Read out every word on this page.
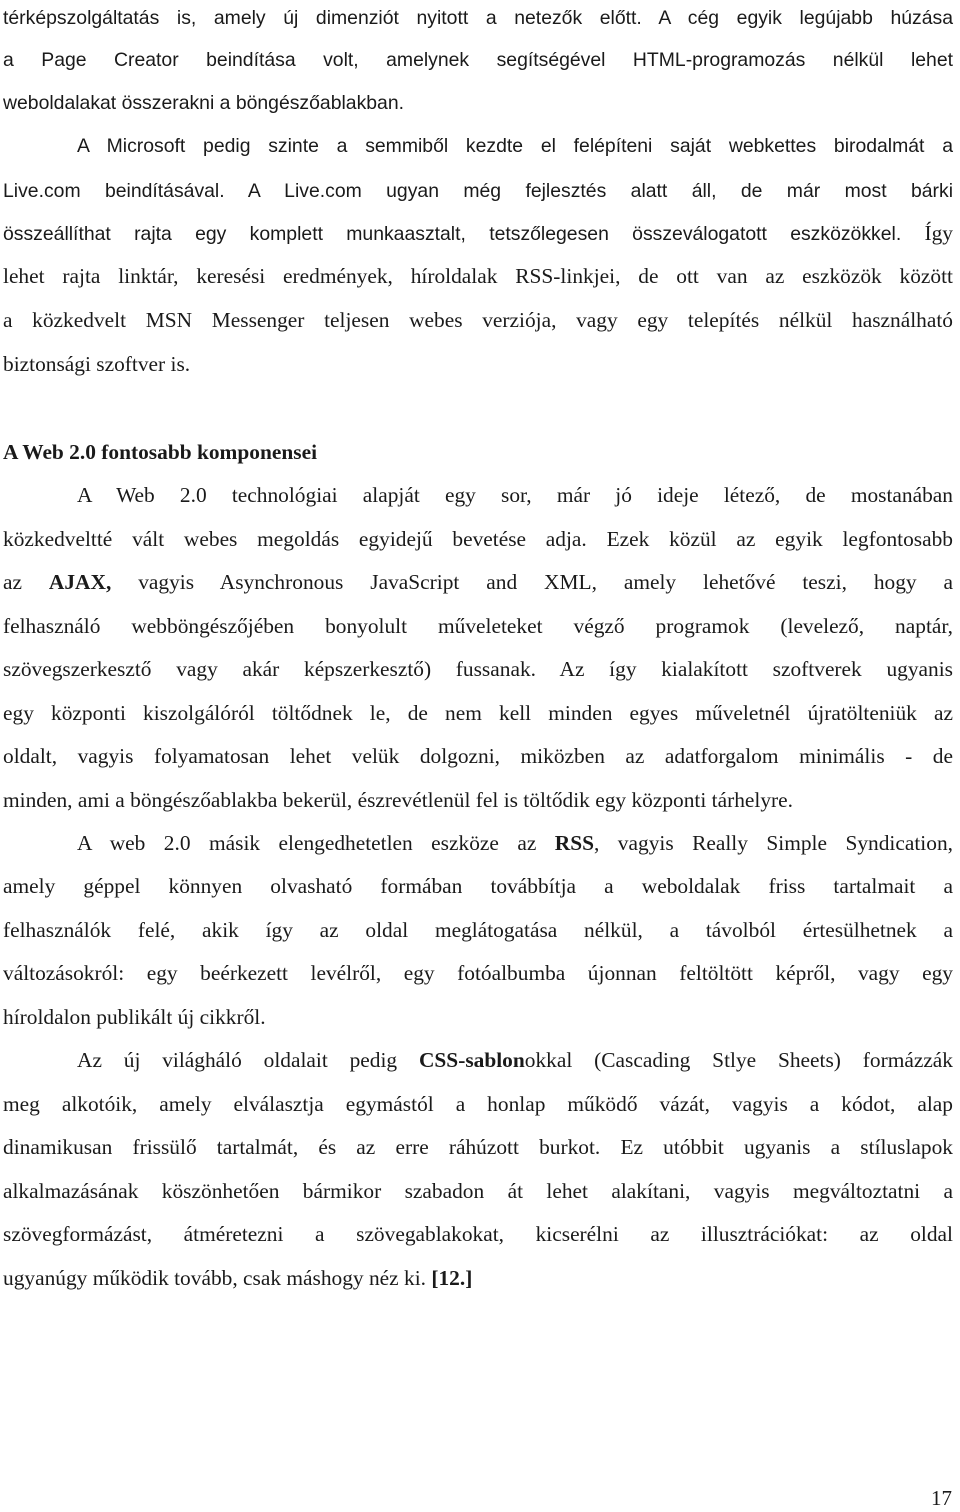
térképszolgáltatás is, amely új dimenziót nyitott a netezők előtt. A cég egyik legújabb húzása
a Page Creator beindítása volt, amelynek segítségével HTML-programozás nélkül lehet
weboldalakat összerakni a böngészőablakban.
A Microsoft pedig szinte a semmiből kezdte el felépíteni saját webkettes birodalmát a
Live.com beindításával. A Live.com ugyan még fejlesztés alatt áll, de már most bárki
összeállíthat rajta egy komplett munkaasztalt, tetszőlegesen összeválogatott eszközökkel. Így
lehet rajta linktár, keresési eredmények, híroldalak RSS-linkjei, de ott van az eszközök között
a közkedvelt MSN Messenger teljesen webes verziója, vagy egy telepítés nélkül használható
biztonsági szoftver is.
A Web 2.0 fontosabb komponensei
A Web 2.0 technológiai alapját egy sor, már jó ideje létező, de mostanában
közkedveltté vált webes megoldás egyidejű bevetése adja. Ezek közül az egyik legfontosabb
az AJAX, vagyis Asynchronous JavaScript and XML, amely lehetővé teszi, hogy a
felhasználó webböngészőjében bonyolult műveleteket végző programok (levelező, naptár,
szövegszerkesztő vagy akár képszerkesztő) fussanak. Az így kialakított szoftverek ugyanis
egy központi kiszolgálóról töltődnek le, de nem kell minden egyes műveletnél újratölteniük az
oldalt, vagyis folyamatosan lehet velük dolgozni, miközben az adatforgalom minimális - de
minden, ami a böngészőablakba bekerül, észrevétlenül fel is töltődik egy központi tárhelyre.
A web 2.0 másik elengedhetetlen eszköze az RSS, vagyis Really Simple Syndication,
amely géppel könnyen olvasható formában továbbítja a weboldalak friss tartalmait a
felhasználók felé, akik így az oldal meglátogatása nélkül, a távolból értesülhetnek a
változásokról: egy beérkezett levélről, egy fotóalbumba újonnan feltöltött képről, vagy egy
híroldalon publikált új cikkről.
Az új világháló oldalait pedig CSS-sablonokkal (Cascading Stlye Sheets) formázzák
meg alkotóik, amely elválasztja egymástól a honlap működő vázát, vagyis a kódot, alap
dinamikusan frissülő tartalmát, és az erre ráhúzott burkot. Ez utóbbit ugyanis a stíluslapok
alkalmazásának köszönhetően bármikor szabadon át lehet alakítani, vagyis megváltoztatni a
szövegformázást, átméretezni a szövegablakokat, kicserélni az illusztrációkat: az oldal
ugyanúgy működik tovább, csak máshogy néz ki. [12.]
17
